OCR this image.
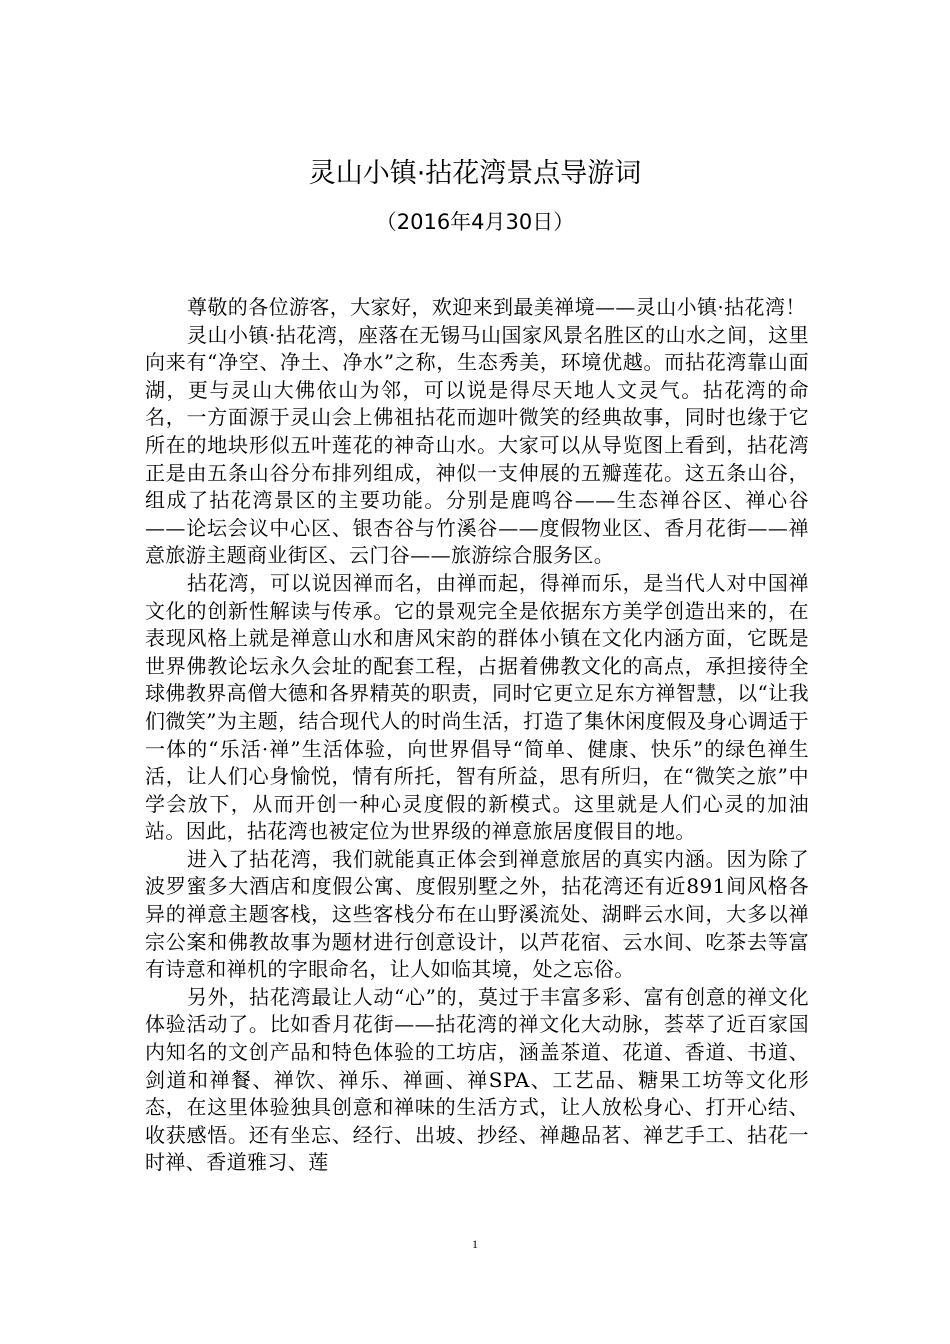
灵山小镇·拈花湾景点导游词
（2016年4月30日）

尊敬的各位游客，大家好，欢迎来到最美禅境——灵山小镇·拈花湾！

灵山小镇·拈花湾，座落在无锡马山国家风景名胜区的山水之间，这里向来有“净空、净土、净水”之称，生态秀美，环境优越。而拈花湾靠山面湖，更与灵山大佛依山为邻，可以说是得尽天地人文灵气。拈花湾的命名，一方面源于灵山会上佛祖拈花而迦叶微笑的经典故事，同时也缘于它所在的地块形似五叶莲花的神奇山水。大家可以从导览图上看到，拈花湾正是由五条山谷分布排列组成，神似一支伸展的五瓣莲花。这五条山谷，组成了拈花湾景区的主要功能。分别是鹿鸣谷——生态禅谷区、禅心谷——论坛会议中心区、银杏谷与竹溪谷——度假物业区、香月花街——禅意旅游主题商业街区、云门谷——旅游综合服务区。

拈花湾，可以说因禅而名，由禅而起，得禅而乐，是当代人对中国禅文化的创新性解读与传承。它的景观完全是依据东方美学创造出来的，在表现风格上就是禅意山水和唐风宋韵的群体小镇在文化内涵方面，它既是世界佛教论坛永久会址的配套工程，占据着佛教文化的高点，承担接待全球佛教界高僧大德和各界精英的职责，同时它更立足东方禅智慧，以“让我们微笑”为主题，结合现代人的时尚生活，打造了集休闲度假及身心调适于一体的“乐活·禅”生活体验，向世界倡导“简单、健康、快乐”的绿色禅生活，让人们心身愉悦，情有所托，智有所益，思有所归，在“微笑之旅”中学会放下，从而开创一种心灵度假的新模式。这里就是人们心灵的加油站。因此，拈花湾也被定位为世界级的禅意旅居度假目的地。

进入了拈花湾，我们就能真正体会到禅意旅居的真实内涵。因为除了波罗蜜多大酒店和度假公寓、度假别墅之外，拈花湾还有近891间风格各异的禅意主题客栈，这些客栈分布在山野溪流处、湖畔云水间，大多以禅宗公案和佛教故事为题材进行创意设计，以芦花宿、云水间、吃茶去等富有诗意和禅机的字眼命名，让人如临其境，处之忘俗。

另外，拈花湾最让人动“心”的，莫过于丰富多彩、富有创意的禅文化体验活动了。比如香月花街——拈花湾的禅文化大动脉，荟萃了近百家国内知名的文创产品和特色体验的工坊店，涵盖茶道、花道、香道、书道、剑道和禅餐、禅饮、禅乐、禅画、禅SPA、工艺品、糖果工坊等文化形态，在这里体验独具创意和禅味的生活方式，让人放松身心、打开心结、收获感悟。还有坐忘、经行、出坡、抄经、禅趣品茗、禅艺手工、拈花一时禅、香道雅习、莲

1
